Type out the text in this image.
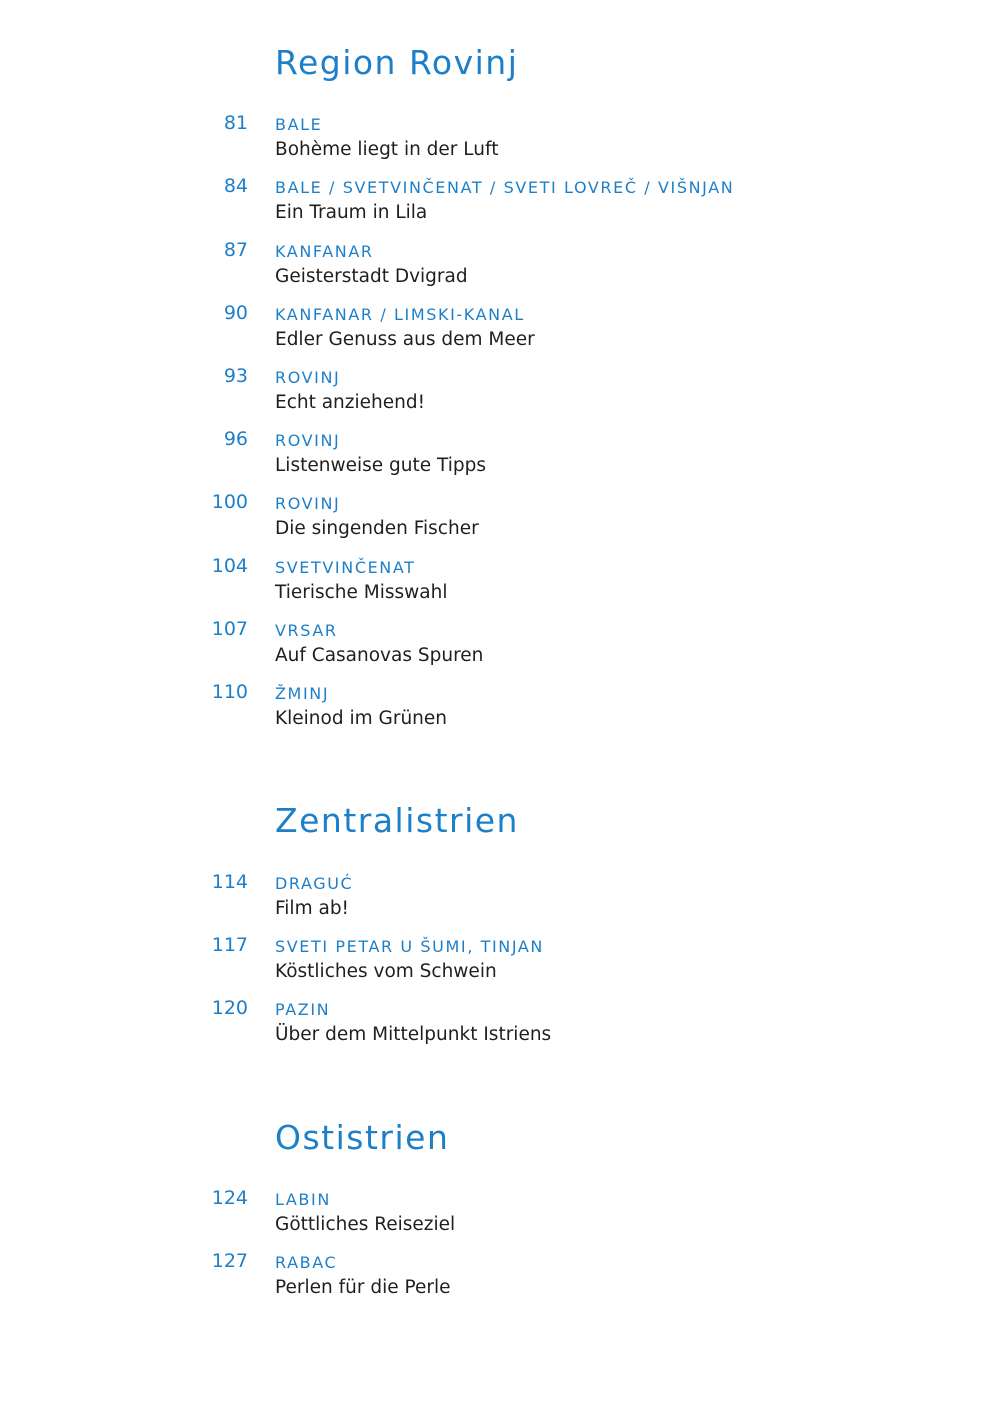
Region Rovinj
81 BALE
Bohème liegt in der Luft
84 BALE / SVETVINČENAT / SVETI LOVREČ / VIŠNJAN
Ein Traum in Lila
87 KANFANAR
Geisterstadt Dvigrad
90 KANFANAR / LIMSKI-KANAL
Edler Genuss aus dem Meer
93 ROVINJ
Echt anziehend!
96 ROVINJ
Listenweise gute Tipps
100 ROVINJ
Die singenden Fischer
104 SVETVINČENAT
Tierische Misswahl
107 VRSAR
Auf Casanovas Spuren
110 ŽMINJ
Kleinod im Grünen
Zentralistrien
114 DRAGUĆ
Film ab!
117 SVETI PETAR U ŠUMI, TINJAN
Köstliches vom Schwein
120 PAZIN
Über dem Mittelpunkt Istriens
Ostistrien
124 LABIN
Göttliches Reiseziel
127 RABAC
Perlen für die Perle
